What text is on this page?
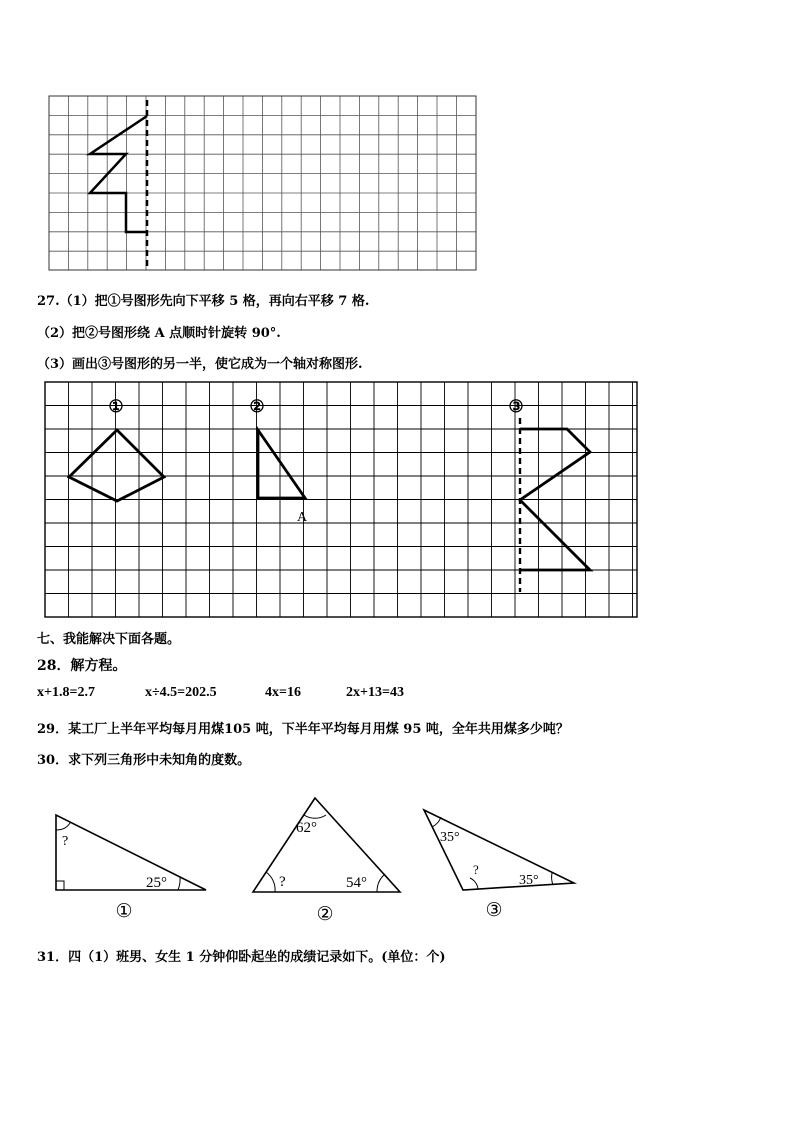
27.（1）把①号图形先向下平移 5 格，再向右平移 7 格.
（2）把②号图形绕 A 点顺时针旋转 90°.
（3）画出③号图形的另一半，使它成为一个轴对称图形.
①	②	③
A
七、我能解决下面各题。
28．解方程。
x+1.8=2.7	x÷4.5=202.5	4x=16	2x+13=43
29．某工厂上半年平均每月用煤105 吨，下半年平均每月用煤 95 吨，全年共用煤多少吨？
30．求下列三角形中未知角的度数。
?
25°
①
62°
?	54°
②
35°
?
35°
③
31．四（1）班男、女生 1 分钟仰卧起坐的成绩记录如下。(单位：个)
